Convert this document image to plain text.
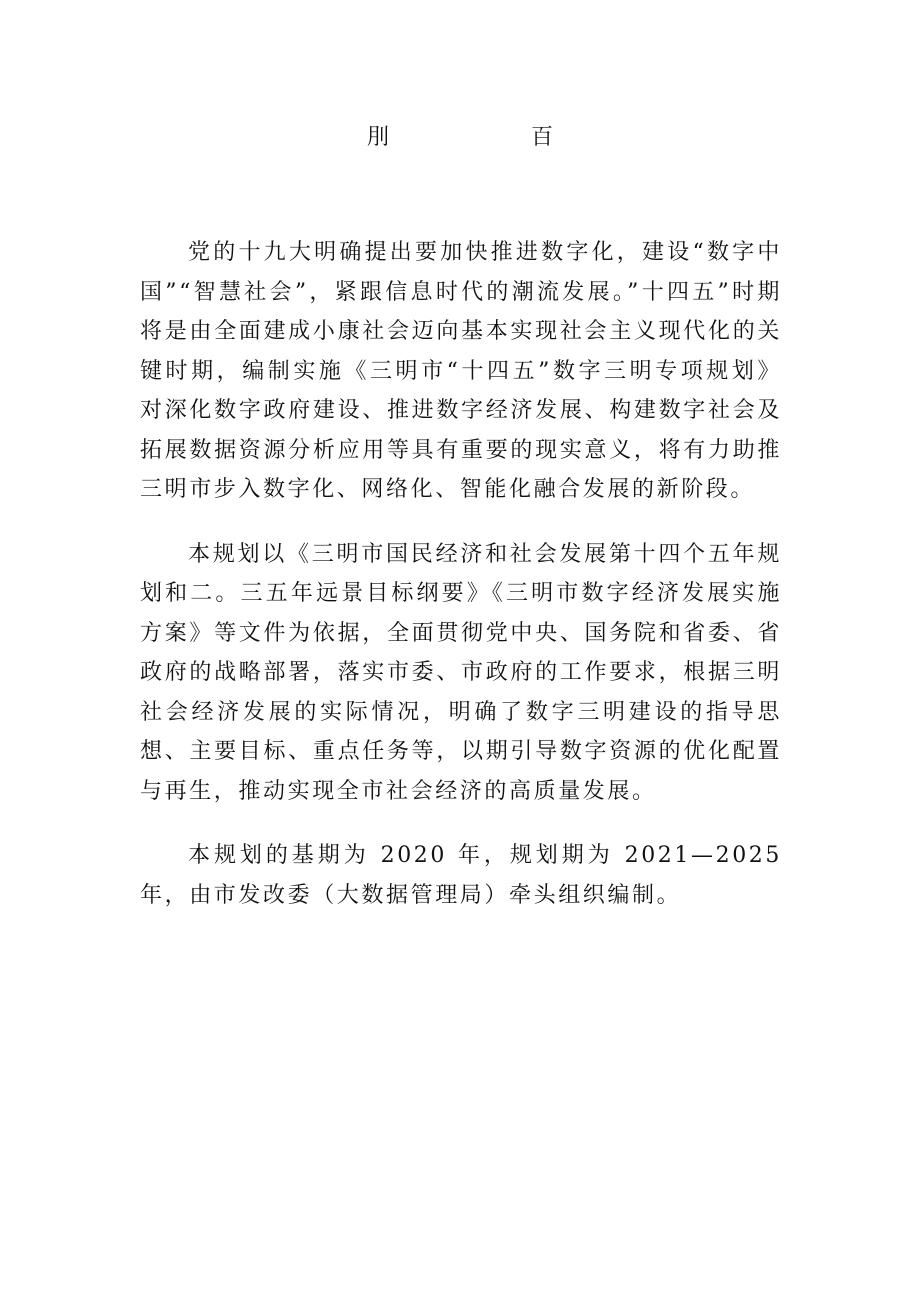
刖　百

党的十九大明确提出要加快推进数字化，建设“数字中国”“智慧社会”，紧跟信息时代的潮流发展。”十四五”时期将是由全面建成小康社会迈向基本实现社会主义现代化的关键时期，编制实施《三明市“十四五”数字三明专项规划》对深化数字政府建设、推进数字经济发展、构建数字社会及拓展数据资源分析应用等具有重要的现实意义，将有力助推三明市步入数字化、网络化、智能化融合发展的新阶段。

本规划以《三明市国民经济和社会发展第十四个五年规划和二。三五年远景目标纲要》《三明市数字经济发展实施方案》等文件为依据，全面贯彻党中央、国务院和省委、省政府的战略部署，落实市委、市政府的工作要求，根据三明社会经济发展的实际情况，明确了数字三明建设的指导思想、主要目标、重点任务等，以期引导数字资源的优化配置与再生，推动实现全市社会经济的高质量发展。

本规划的基期为 2020 年，规划期为 2021—2025 年，由市发改委（大数据管理局）牵头组织编制。
